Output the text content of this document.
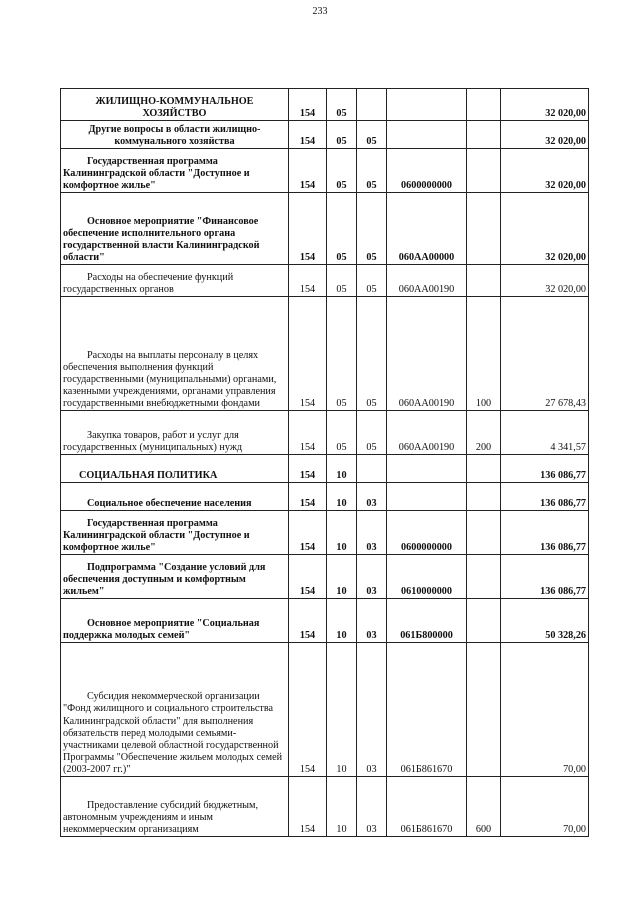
233
ЖИЛИЩНО-КОММУНАЛЬНОЕ ХОЗЯЙСТВО	154	05				32 020,00
Другие вопросы в области жилищно-коммунального хозяйства	154	05	05			32 020,00
Государственная программа Калининградской области "Доступное и комфортное жилье"	154	05	05	0600000000		32 020,00
Основное мероприятие "Финансовое обеспечение исполнительного органа государственной власти Калининградской области"	154	05	05	060АА00000		32 020,00
Расходы на обеспечение функций государственных органов	154	05	05	060АА00190		32 020,00
Расходы на выплаты персоналу в целях обеспечения выполнения функций государственными (муниципальными) органами, казенными учреждениями, органами управления государственными внебюджетными фондами	154	05	05	060АА00190	100	27 678,43
Закупка товаров, работ и услуг для государственных (муниципальных) нужд	154	05	05	060АА00190	200	4 341,57
СОЦИАЛЬНАЯ ПОЛИТИКА	154	10				136 086,77
Социальное обеспечение населения	154	10	03			136 086,77
Государственная программа Калининградской области "Доступное и комфортное жилье"	154	10	03	0600000000		136 086,77
Подпрограмма "Создание условий для обеспечения доступным и комфортным жильем"	154	10	03	0610000000		136 086,77
Основное мероприятие "Социальная поддержка молодых семей"	154	10	03	061Б800000		50 328,26
Субсидия некоммерческой организации "Фонд жилищного и социального строительства Калининградской области" для выполнения обязательств перед молодыми семьями-участниками целевой областной государственной Программы "Обеспечение жильем молодых семей (2003-2007 гг.)"	154	10	03	061Б861670		70,00
Предоставление субсидий бюджетным, автономным учреждениям и иным некоммерческим организациям	154	10	03	061Б861670	600	70,00
